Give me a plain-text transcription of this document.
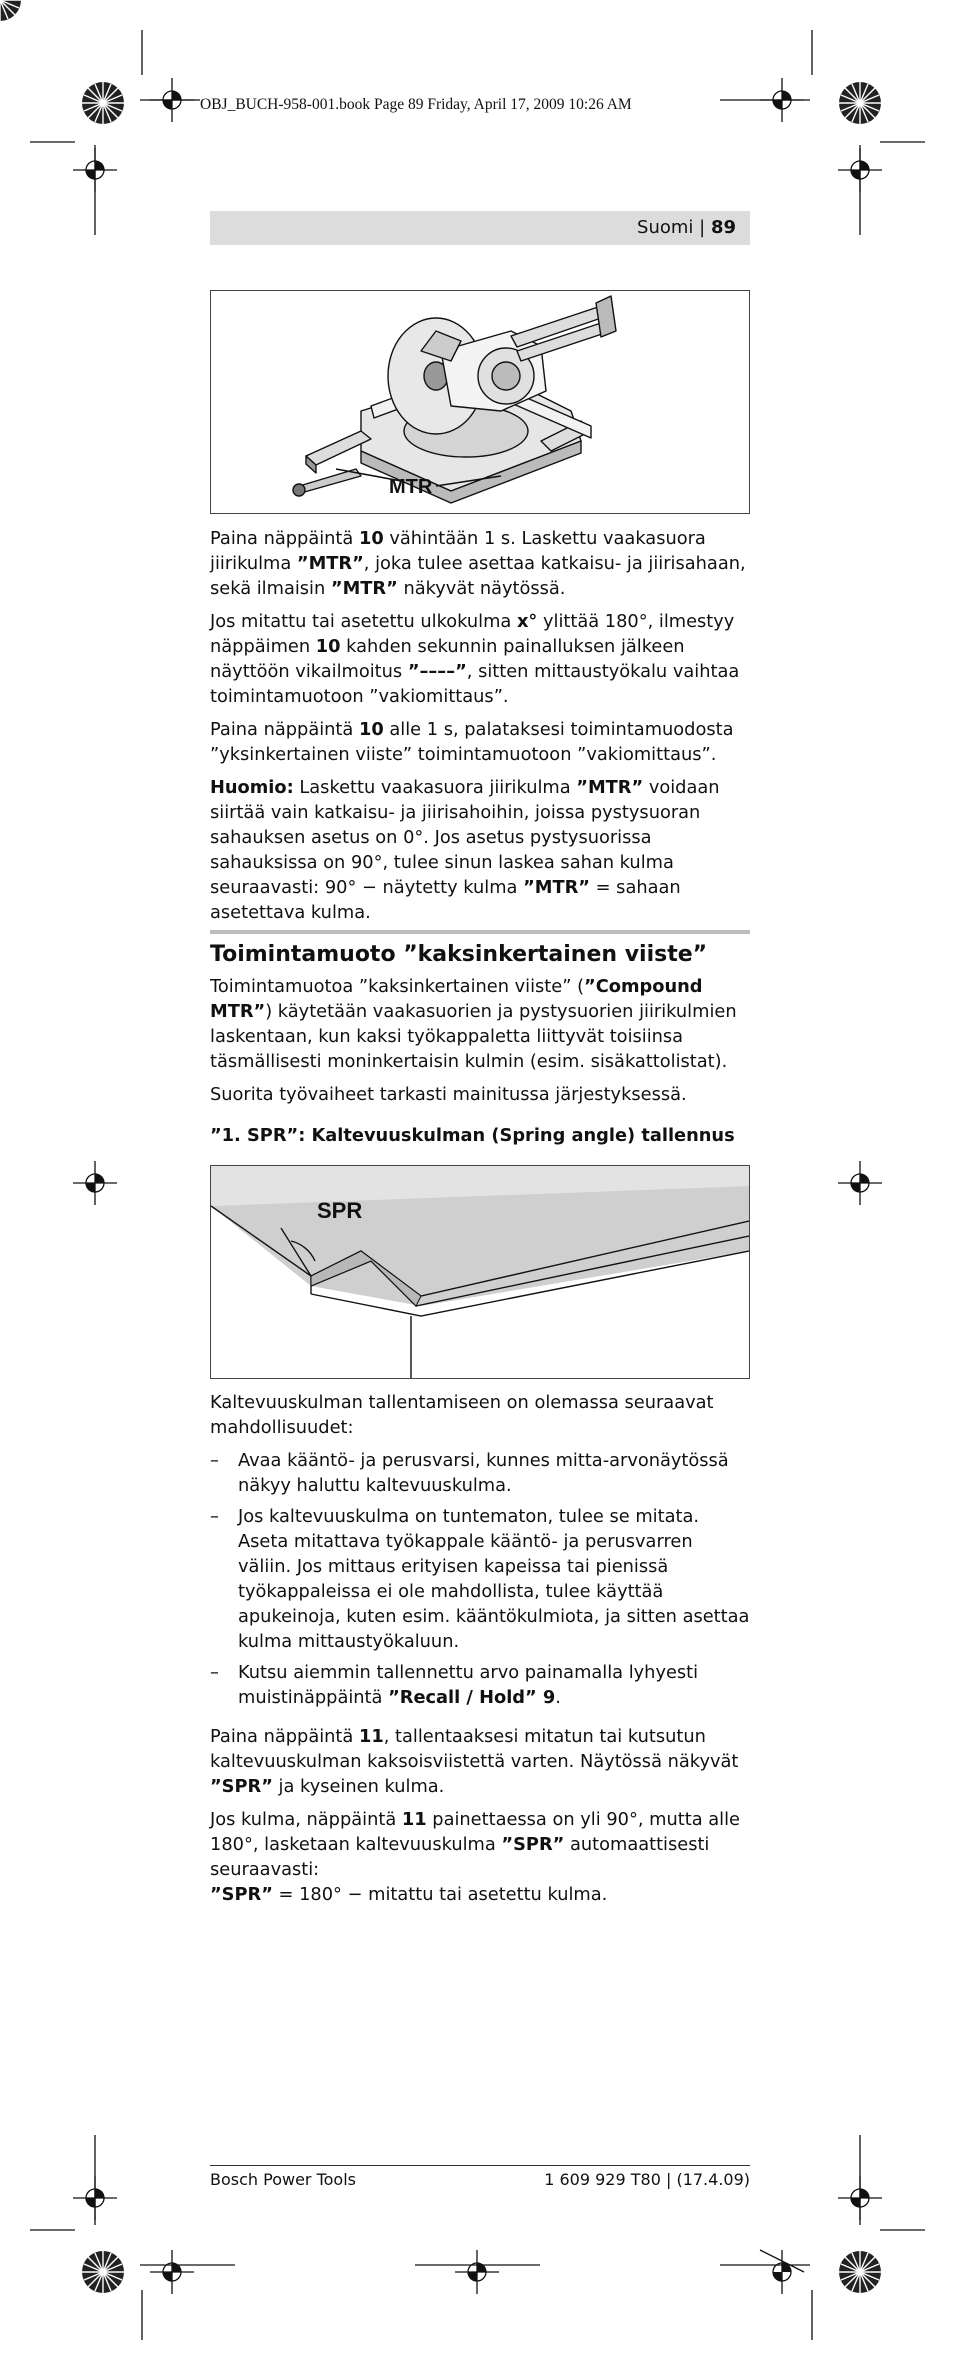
OBJ_BUCH-958-001.book Page 89 Friday, April 17, 2009 10:26 AM
Suomi | 89
MTR

Paina näppäintä 10 vähintään 1 s. Laskettu vaakasuora jiirikulma ”MTR”, joka tulee asettaa katkaisu- ja jiirisahaan, sekä ilmaisin ”MTR” näkyvät näytössä.

Jos mitattu tai asetettu ulkokulma x° ylittää 180°, ilmestyy näppäimen 10 kahden sekunnin painalluksen jälkeen näyttöön vikailmoitus ”––––”, sitten mittaustyökalu vaihtaa toimintamuotoon ”vakiomittaus”.

Paina näppäintä 10 alle 1 s, palataksesi toimintamuodosta ”yksinkertainen viiste” toimintamuotoon ”vakiomittaus”.

Huomio: Laskettu vaakasuora jiirikulma ”MTR” voidaan siirtää vain katkaisu- ja jiirisahoihin, joissa pystysuoran sahauksen asetus on 0°. Jos asetus pystysuorissa sahauksissa on 90°, tulee sinun laskea sahan kulma seuraavasti: 90° − näytetty kulma ”MTR” = sahaan asetettava kulma.

Toimintamuoto ”kaksinkertainen viiste”

Toimintamuotoa ”kaksinkertainen viiste” (”Compound MTR”) käytetään vaakasuorien ja pystysuorien jiirikulmien laskentaan, kun kaksi työkappaletta liittyvät toisiinsa täsmällisesti moninkertaisin kulmin (esim. sisäkattolistat).

Suorita työvaiheet tarkasti mainitussa järjestyksessä.

”1. SPR”: Kaltevuuskulman (Spring angle) tallennus
SPR

Kaltevuuskulman tallentamiseen on olemassa seuraavat mahdollisuudet:

–	Avaa kääntö- ja perusvarsi, kunnes mitta-arvonäytössä näkyy haluttu kaltevuuskulma.
–	Jos kaltevuuskulma on tuntematon, tulee se mitata. Aseta mitattava työkappale kääntö- ja perusvarren väliin. Jos mittaus erityisen kapeissa tai pienissä työkappaleissa ei ole mahdollista, tulee käyttää apukeinoja, kuten esim. kääntökulmiota, ja sitten asettaa kulma mittaustyökaluun.
–	Kutsu aiemmin tallennettu arvo painamalla lyhyesti muistinäppäintä ”Recall / Hold” 9.

Paina näppäintä 11, tallentaaksesi mitatun tai kutsutun kaltevuuskulman kaksoisviistettä varten. Näytössä näkyvät ”SPR” ja kyseinen kulma.

Jos kulma, näppäintä 11 painettaessa on yli 90°, mutta alle 180°, lasketaan kaltevuuskulma ”SPR” automaattisesti seuraavasti:

”SPR” = 180° − mitattu tai asetettu kulma.

Bosch Power Tools	1 609 929 T80 | (17.4.09)
